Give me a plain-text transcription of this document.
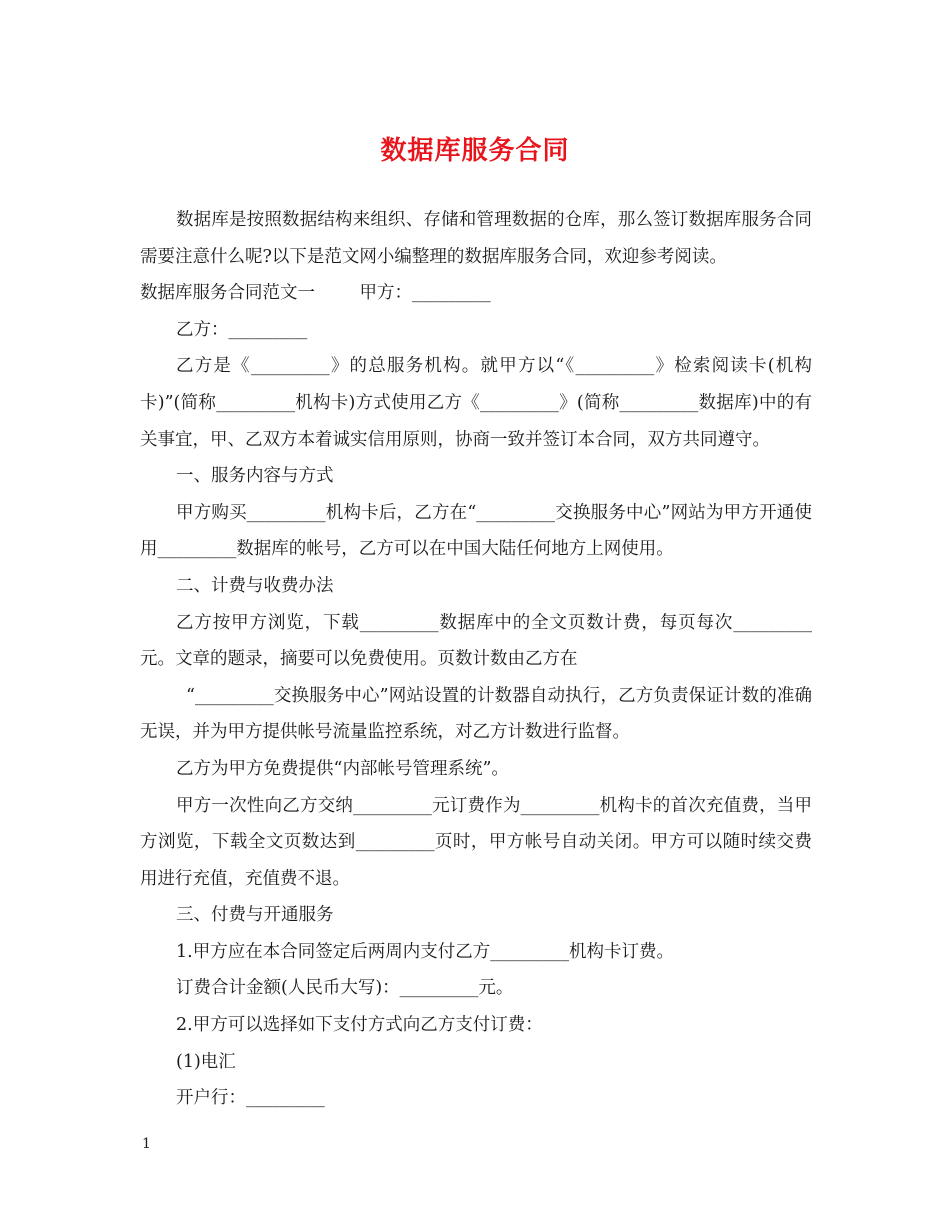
数据库服务合同

数据库是按照数据结构来组织、存储和管理数据的仓库，那么签订数据库服务合同需要注意什么呢?以下是范文网小编整理的数据库服务合同，欢迎参考阅读。

数据库服务合同范文一        甲方：_________

乙方：_________

乙方是《_________》的总服务机构。就甲方以“《_________》检索阅读卡(机构卡)”(简称_________机构卡)方式使用乙方《_________》(简称_________数据库)中的有关事宜，甲、乙双方本着诚实信用原则，协商一致并签订本合同，双方共同遵守。

一、服务内容与方式

甲方购买_________机构卡后，乙方在“_________交换服务中心”网站为甲方开通使用_________数据库的帐号，乙方可以在中国大陆任何地方上网使用。

二、计费与收费办法

乙方按甲方浏览，下载_________数据库中的全文页数计费，每页每次_________元。文章的题录，摘要可以免费使用。页数计数由乙方在

“_________交换服务中心”网站设置的计数器自动执行，乙方负责保证计数的准确无误，并为甲方提供帐号流量监控系统，对乙方计数进行监督。

乙方为甲方免费提供“内部帐号管理系统”。

甲方一次性向乙方交纳_________元订费作为_________机构卡的首次充值费，当甲方浏览，下载全文页数达到_________页时，甲方帐号自动关闭。甲方可以随时续交费用进行充值，充值费不退。

三、付费与开通服务

1.甲方应在本合同签定后两周内支付乙方_________机构卡订费。

订费合计金额(人民币大写)：_________元。

2.甲方可以选择如下支付方式向乙方支付订费：

(1)电汇

开户行：_________

1
